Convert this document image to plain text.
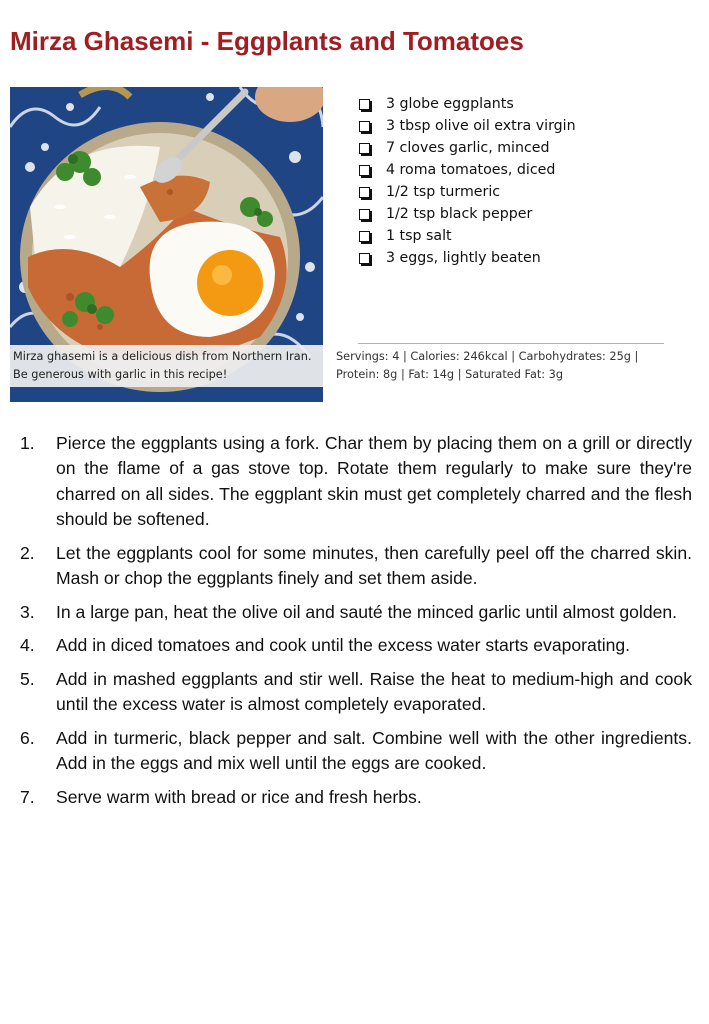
Mirza Ghasemi - Eggplants and Tomatoes
Mirza ghasemi is a delicious dish from Northern Iran. Be generous with garlic in this recipe!
3 globe eggplants
3 tbsp olive oil extra virgin
7 cloves garlic, minced
4 roma tomatoes, diced
1/2 tsp turmeric
1/2 tsp black pepper
1 tsp salt
3 eggs, lightly beaten
Servings: 4 | Calories: 246kcal | Carbohydrates: 25g |
Protein: 8g | Fat: 14g | Saturated Fat: 3g
1.	Pierce the eggplants using a fork. Char them by placing them on a grill or directly on the flame of a gas stove top. Rotate them regularly to make sure they're charred on all sides. The eggplant skin must get completely charred and the flesh should be softened.
2.	Let the eggplants cool for some minutes, then carefully peel off the charred skin. Mash or chop the eggplants finely and set them aside.
3.	In a large pan, heat the olive oil and sauté the minced garlic until almost golden.
4.	Add in diced tomatoes and cook until the excess water starts evaporating.
5.	Add in mashed eggplants and stir well. Raise the heat to medium-high and cook until the excess water is almost completely evaporated.
6.	Add in turmeric, black pepper and salt. Combine well with the other ingredients. Add in the eggs and mix well until the eggs are cooked.
7.	Serve warm with bread or rice and fresh herbs.
